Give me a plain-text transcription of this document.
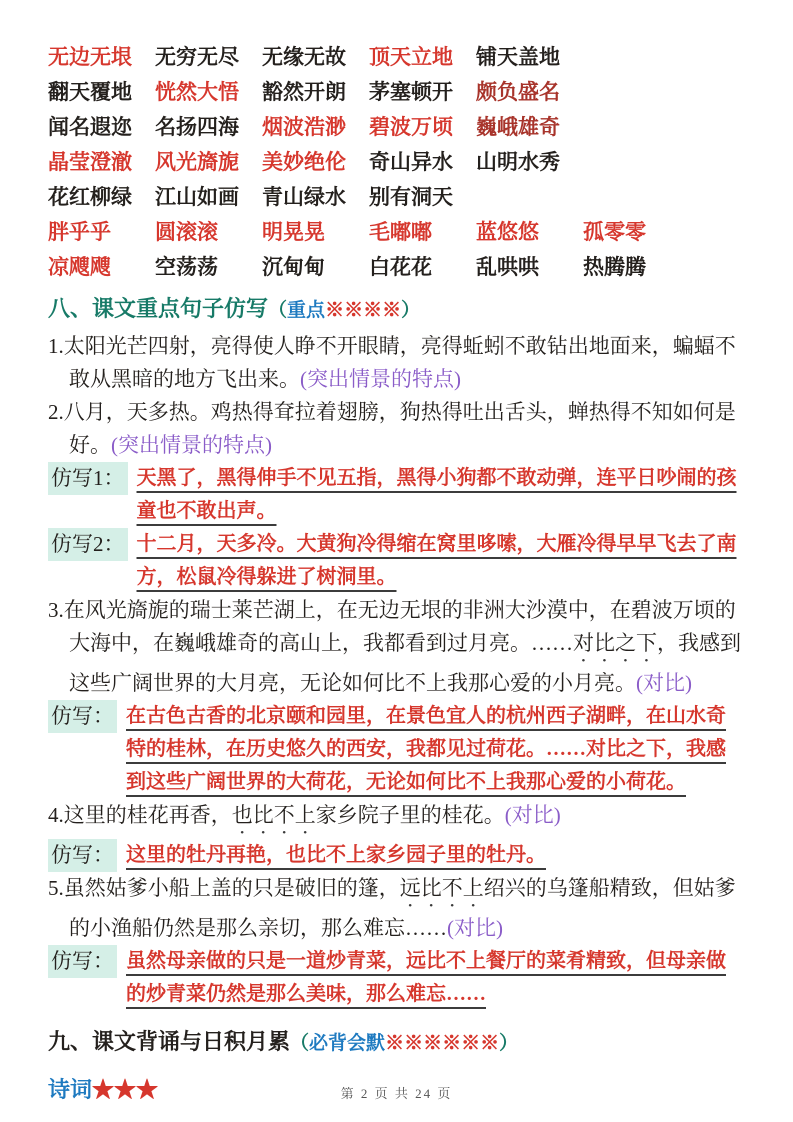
无边无垠	无穷无尽	无缘无故	顶天立地	铺天盖地
翻天覆地	恍然大悟	豁然开朗	茅塞顿开	颇负盛名
闻名遐迩	名扬四海	烟波浩渺	碧波万顷	巍峨雄奇
晶莹澄澈	风光旖旎	美妙绝伦	奇山异水	山明水秀
花红柳绿	江山如画	青山绿水	别有洞天
胖乎乎	圆滚滚	明晃晃	毛嘟嘟	蓝悠悠	孤零零
凉飕飕	空荡荡	沉甸甸	白花花	乱哄哄	热腾腾
八、课文重点句子仿写（重点※※※※）

1.太阳光芒四射，亮得使人睁不开眼睛，亮得蚯蚓不敢钻出地面来，蝙蝠不敢从黑暗的地方飞出来。(突出情景的特点)

2.八月，天多热。鸡热得耷拉着翅膀，狗热得吐出舌头，蝉热得不知如何是好。(突出情景的特点)

仿写1： 天黑了，黑得伸手不见五指，黑得小狗都不敢动弹，连平日吵闹的孩童也不敢出声。
仿写2： 十二月，天多冷。大黄狗冷得缩在窝里哆嗦，大雁冷得早早飞去了南方，松鼠冷得躲进了树洞里。

3.在风光旖旎的瑞士莱芒湖上，在无边无垠的非洲大沙漠中，在碧波万顷的大海中，在巍峨雄奇的高山上，我都看到过月亮。……对比之下，我感到这些广阔世界的大月亮，无论如何比不上我那心爱的小月亮。(对比)

仿写： 在古色古香的北京颐和园里，在景色宜人的杭州西子湖畔，在山水奇特的桂林，在历史悠久的西安，我都见过荷花。……对比之下，我感到这些广阔世界的大荷花，无论如何比不上我那心爱的小荷花。

4.这里的桂花再香，也比不上家乡院子里的桂花。(对比)

仿写： 这里的牡丹再艳，也比不上家乡园子里的牡丹。

5.虽然姑爹小船上盖的只是破旧的篷，远比不上绍兴的乌篷船精致，但姑爹的小渔船仍然是那么亲切，那么难忘……(对比)

仿写： 虽然母亲做的只是一道炒青菜，远比不上餐厅的菜肴精致，但母亲做的炒青菜仍然是那么美味，那么难忘……
九、课文背诵与日积月累（必背会默※※※※※※）
诗词★★★	第 2 页 共 24 页
